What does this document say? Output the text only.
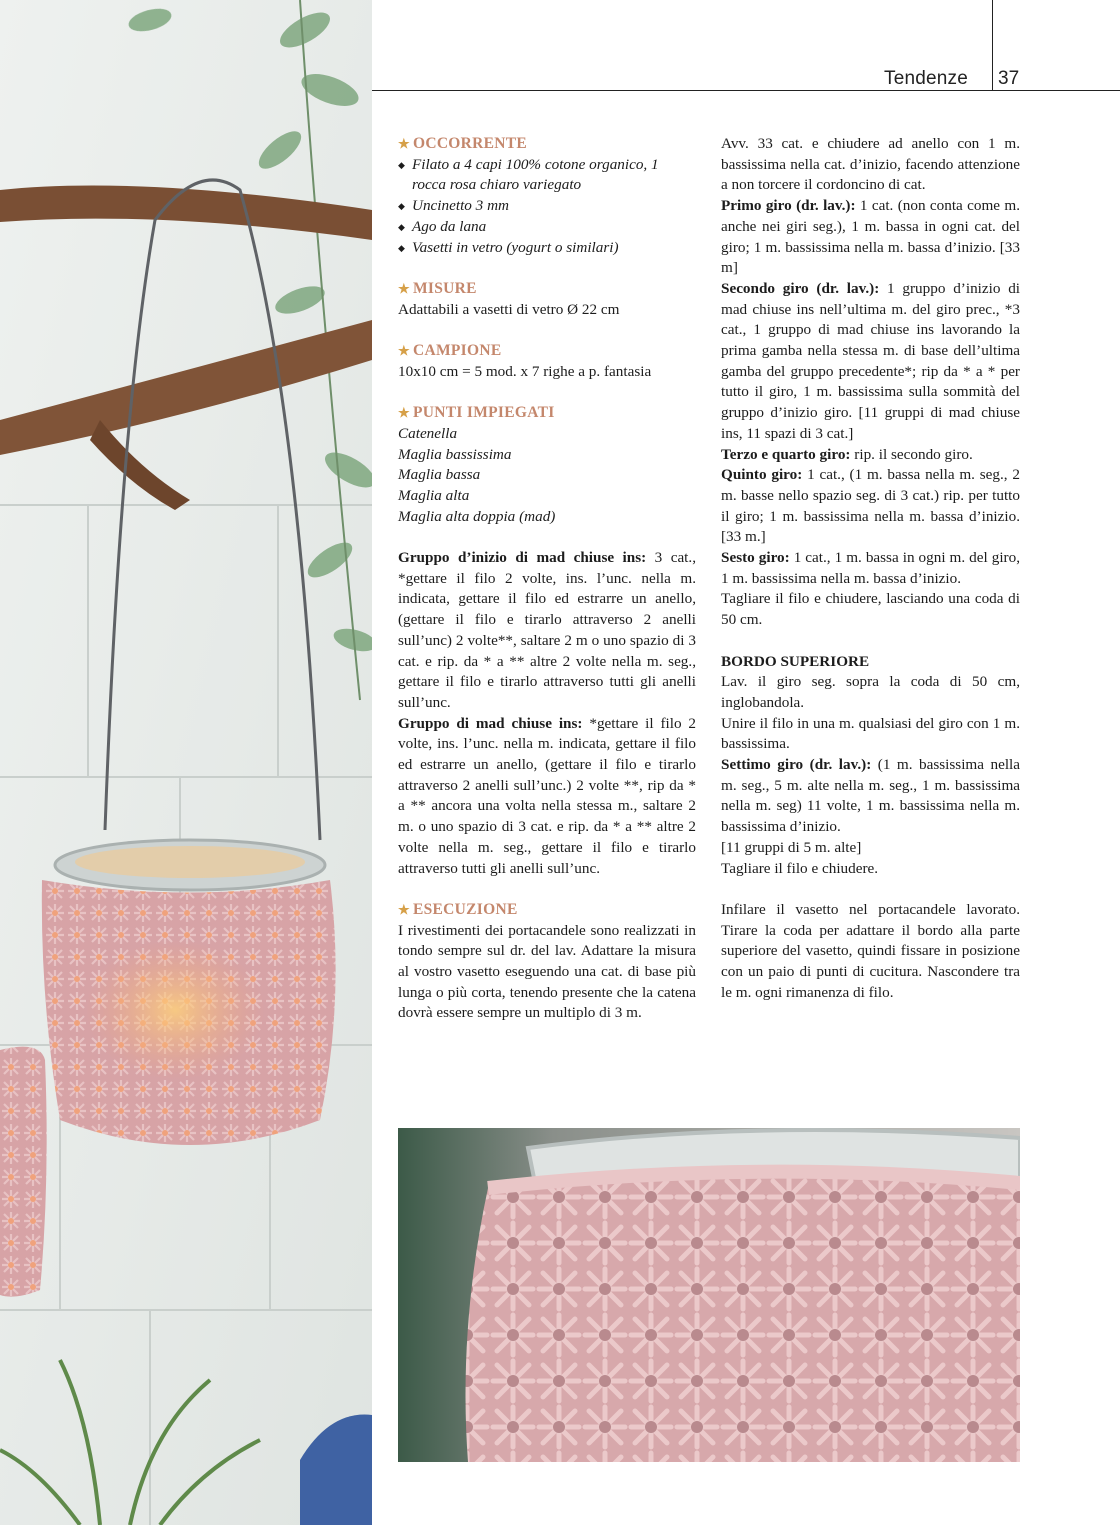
Tendenze 37
★ OCCORRENTE
◆ Filato a 4 capi 100% cotone organico, 1 rocca rosa chiaro variegato
◆ Uncinetto 3 mm
◆ Ago da lana
◆ Vasetti in vetro (yogurt o similari)
★ MISURE

Adattabili a vasetti di vetro Ø 22 cm

★ CAMPIONE

10x10 cm = 5 mod. x 7 righe a p. fantasia

★ PUNTI IMPIEGATI

Catenella

Maglia bassissima

Maglia bassa

Maglia alta

Maglia alta doppia (mad)

Gruppo d’inizio di mad chiuse ins: 3 cat., *gettare il filo 2 volte, ins. l’unc. nella m. indicata, gettare il filo ed estrarre un anello, (gettare il filo e tirarlo attraverso 2 anelli sull’unc) 2 volte**, saltare 2 m o uno spazio di 3 cat. e rip. da * a ** altre 2 volte nella m. seg., gettare il filo e tirarlo attraverso tutti gli anelli sull’unc.

Gruppo di mad chiuse ins: *gettare il filo 2 volte, ins. l’unc. nella m. indicata, gettare il filo ed estrarre un anello, (gettare il filo e tirarlo attraverso 2 anelli sull’unc.) 2 volte **, rip da * a ** ancora una volta nella stessa m., saltare 2 m. o uno spazio di 3 cat. e rip. da * a ** altre 2 volte nella m. seg., gettare il filo e tirarlo attraverso tutti gli anelli sull’unc.

★ ESECUZIONE

I rivestimenti dei portacandele sono realizzati in tondo sempre sul dr. del lav. Adattare la misura al vostro vasetto eseguendo una cat. di base più lunga o più corta, tenendo presente che la catena dovrà essere sempre un multiplo di 3 m.

Avv. 33 cat. e chiudere ad anello con 1 m. bassissima nella cat. d’inizio, facendo attenzione a non torcere il cordoncino di cat.

Primo giro (dr. lav.): 1 cat. (non conta come m. anche nei giri seg.), 1 m. bassa in ogni cat. del giro; 1 m. bassissima nella m. bassa d’inizio. [33 m]

Secondo giro (dr. lav.): 1 gruppo d’inizio di mad chiuse ins nell’ultima m. del giro prec., *3 cat., 1 gruppo di mad chiuse ins lavorando la prima gamba nella stessa m. di base dell’ultima gamba del gruppo precedente*; rip da * a * per tutto il giro, 1 m. bassissima sulla sommità del gruppo d’inizio giro. [11 gruppi di mad chiuse ins, 11 spazi di 3 cat.]

Terzo e quarto giro: rip. il secondo giro.

Quinto giro: 1 cat., (1 m. bassa nella m. seg., 2 m. basse nello spazio seg. di 3 cat.) rip. per tutto il giro; 1 m. bassissima nella m. bassa d’inizio. [33 m.]

Sesto giro: 1 cat., 1 m. bassa in ogni m. del giro, 1 m. bassissima nella m. bassa d’inizio.

Tagliare il filo e chiudere, lasciando una coda di 50 cm.

BORDO SUPERIORE

Lav. il giro seg. sopra la coda di 50 cm, inglobandola.

Unire il filo in una m. qualsiasi del giro con 1 m. bassissima.

Settimo giro (dr. lav.): (1 m. bassissima nella m. seg., 5 m. alte nella m. seg., 1 m. bassissima nella m. seg) 11 volte, 1 m. bassissima nella m. bassissima d’inizio.

[11 gruppi di 5 m. alte]

Tagliare il filo e chiudere.

Infilare il vasetto nel portacandele lavorato. Tirare la coda per adattare il bordo alla parte superiore del vasetto, quindi fissare in posizione con un paio di punti di cucitura. Nascondere tra le m. ogni rimanenza di filo.
